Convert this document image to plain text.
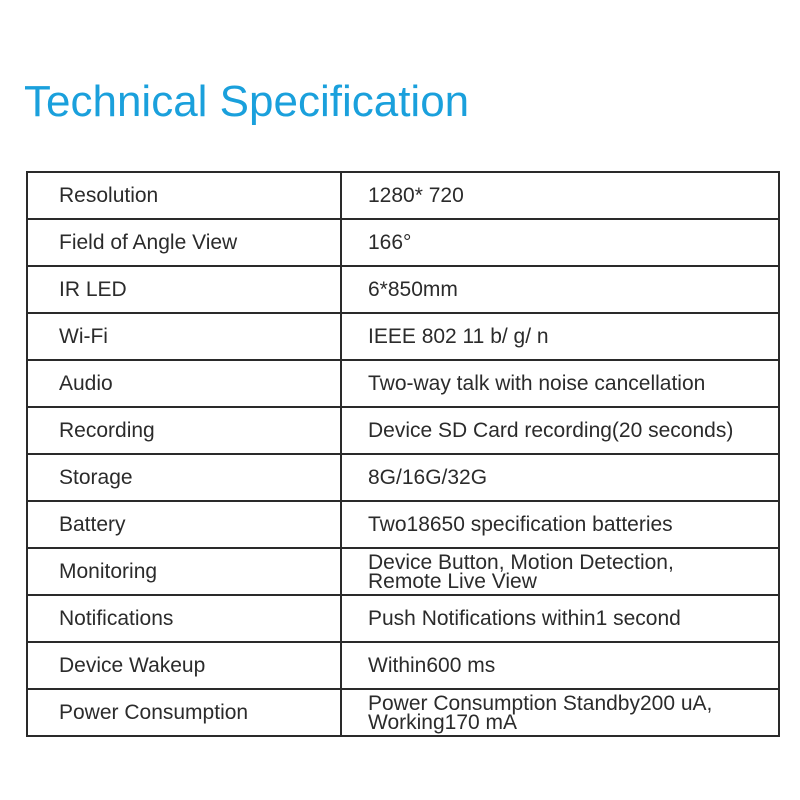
Technical Specification
Resolution	1280* 720
Field of Angle View	166°
IR LED	6*850mm
Wi-Fi	IEEE 802 11 b/ g/ n
Audio	Two-way talk with noise cancellation
Recording	Device SD Card recording(20 seconds)
Storage	8G/16G/32G
Battery	Two18650 specification batteries
Monitoring	Device Button, Motion Detection,
Remote Live View
Notifications	Push Notifications within1 second
Device Wakeup	Within600 ms
Power Consumption	Power Consumption Standby200 uA,
Working170 mA
